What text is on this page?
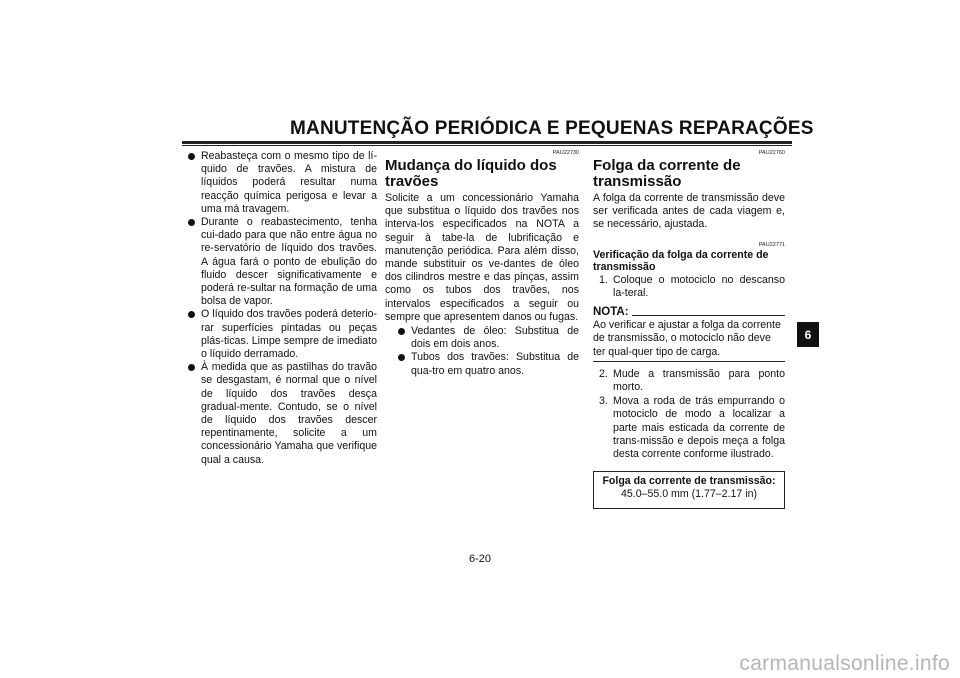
MANUTENÇÃO PERIÓDICA E PEQUENAS REPARAÇÕES
Reabasteça com o mesmo tipo de lí-quido de travões. A mistura de líquidos poderá resultar numa reacção química perigosa e levar a uma má travagem.
Durante o reabastecimento, tenha cui-dado para que não entre água no re-servatório de líquido dos travões. A água fará o ponto de ebulição do fluido descer significativamente e poderá re-sultar na formação de uma bolsa de vapor.
O líquido dos travões poderá deterio-rar superfícies pintadas ou peças plás-ticas. Limpe sempre de imediato o líquido derramado.
À medida que as pastilhas do travão se desgastam, é normal que o nível de líquido dos travões desça gradual-mente. Contudo, se o nível de líquido dos travões descer repentinamente, solicite a um concessionário Yamaha que verifique qual a causa.
PAU22730
Mudança do líquido dos travões
Solicite a um concessionário Yamaha que substitua o líquido dos travões nos interva-los especificados na NOTA a seguir à tabe-la de lubrificação e manutenção periódica. Para além disso, mande substituir os ve-dantes de óleo dos cilindros mestre e das pinças, assim como os tubos dos travões, nos intervalos especificados a seguir ou sempre que apresentem danos ou fugas.
Vedantes de óleo: Substitua de dois em dois anos.
Tubos dos travões: Substitua de qua-tro em quatro anos.
PAU22760
Folga da corrente de transmissão
A folga da corrente de transmissão deve ser verificada antes de cada viagem e, se necessário, ajustada.
PAU22771
Verificação da folga da corrente de transmissão
1. Coloque o motociclo no descanso la-teral.
NOTA:
Ao verificar e ajustar a folga da corrente de transmissão, o motociclo não deve ter qual-quer tipo de carga.
2. Mude a transmissão para ponto morto.
3. Mova a roda de trás empurrando o motociclo de modo a localizar a parte mais esticada da corrente de trans-missão e depois meça a folga desta corrente conforme ilustrado.
Folga da corrente de transmissão:
45.0–55.0 mm (1.77–2.17 in)
6
6-20
carmanualsonline.info
